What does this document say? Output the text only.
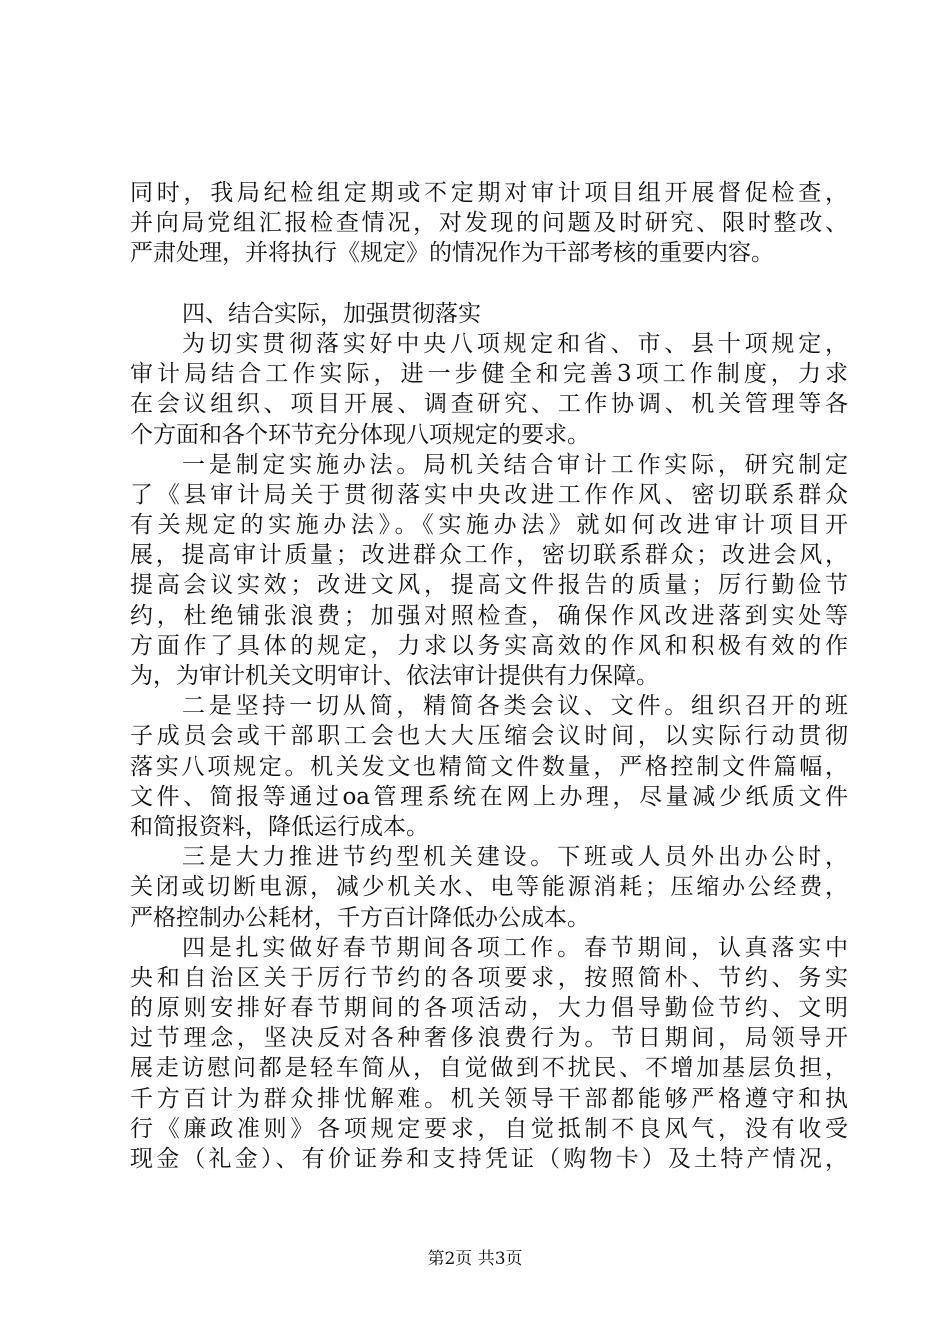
同时，我局纪检组定期或不定期对审计项目组开展督促检查，
并向局党组汇报检查情况，对发现的问题及时研究、限时整改、
严肃处理，并将执行《规定》的情况作为干部考核的重要内容。
四、结合实际，加强贯彻落实
为切实贯彻落实好中央八项规定和省、市、县十项规定，
审计局结合工作实际，进一步健全和完善3项工作制度，力求
在会议组织、项目开展、调查研究、工作协调、机关管理等各
个方面和各个环节充分体现八项规定的要求。
一是制定实施办法。局机关结合审计工作实际，研究制定
了《县审计局关于贯彻落实中央改进工作作风、密切联系群众
有关规定的实施办法》。《实施办法》就如何改进审计项目开
展，提高审计质量；改进群众工作，密切联系群众；改进会风，
提高会议实效；改进文风，提高文件报告的质量；厉行勤俭节
约，杜绝铺张浪费；加强对照检查，确保作风改进落到实处等
方面作了具体的规定，力求以务实高效的作风和积极有效的作
为，为审计机关文明审计、依法审计提供有力保障。
二是坚持一切从简，精简各类会议、文件。组织召开的班
子成员会或干部职工会也大大压缩会议时间，以实际行动贯彻
落实八项规定。机关发文也精简文件数量，严格控制文件篇幅，
文件、简报等通过oa管理系统在网上办理，尽量减少纸质文件
和简报资料，降低运行成本。
三是大力推进节约型机关建设。下班或人员外出办公时，
关闭或切断电源，减少机关水、电等能源消耗；压缩办公经费，
严格控制办公耗材，千方百计降低办公成本。
四是扎实做好春节期间各项工作。春节期间，认真落实中
央和自治区关于厉行节约的各项要求，按照简朴、节约、务实
的原则安排好春节期间的各项活动，大力倡导勤俭节约、文明
过节理念，坚决反对各种奢侈浪费行为。节日期间，局领导开
展走访慰问都是轻车简从，自觉做到不扰民、不增加基层负担，
千方百计为群众排忧解难。机关领导干部都能够严格遵守和执
行《廉政准则》各项规定要求，自觉抵制不良风气，没有收受
现金（礼金）、有价证券和支持凭证（购物卡）及土特产情况，
第2页 共3页
